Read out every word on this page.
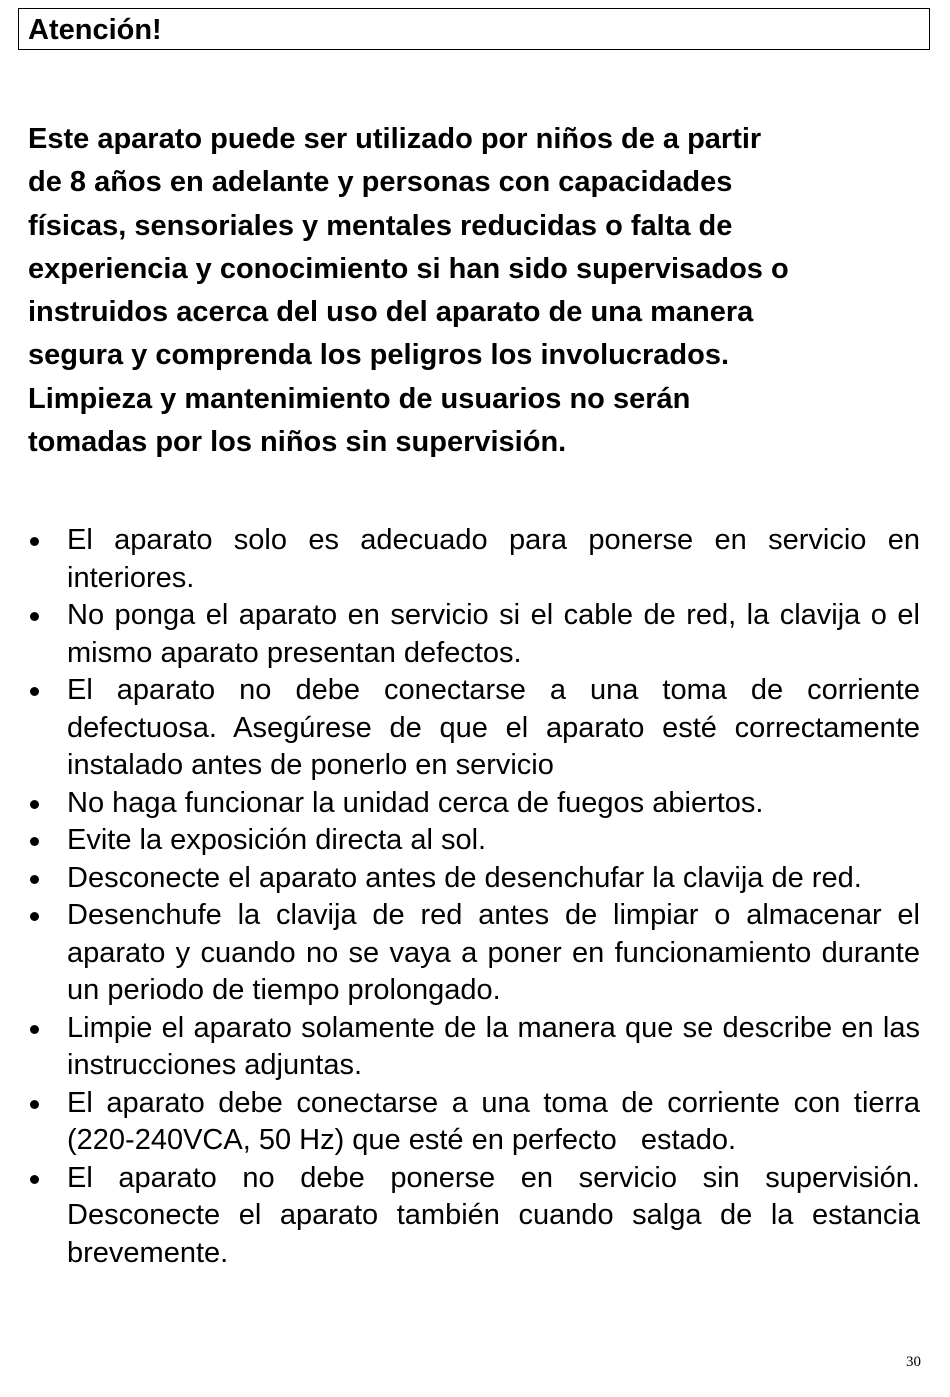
Atención!
Este aparato puede ser utilizado por niños de a partir
de 8 años en adelante y personas con capacidades
físicas, sensoriales y mentales reducidas o falta de
experiencia y conocimiento si han sido supervisados o
instruidos acerca del uso del aparato de una manera
segura y comprenda los peligros los involucrados.
Limpieza y mantenimiento de usuarios no serán
tomadas por los niños sin supervisión.
El aparato solo es adecuado para ponerse en servicio en interiores.
No ponga el aparato en servicio si el cable de red, la clavija o el mismo aparato presentan defectos.
El aparato no debe conectarse a una toma de corriente defectuosa. Asegúrese de que el aparato esté correctamente instalado antes de ponerlo en servicio
No haga funcionar la unidad cerca de fuegos abiertos.
Evite la exposición directa al sol.
Desconecte el aparato antes de desenchufar la clavija de red.
Desenchufe la clavija de red antes de limpiar o almacenar el aparato y cuando no se vaya a poner en funcionamiento durante un periodo de tiempo prolongado.
Limpie el aparato solamente de la manera que se describe en las instrucciones adjuntas.
El aparato debe conectarse a una toma de corriente con tierra (220-240VCA, 50 Hz) que esté en perfecto   estado.
El aparato no debe ponerse en servicio sin supervisión. Desconecte el aparato también cuando salga de la estancia brevemente.
30
